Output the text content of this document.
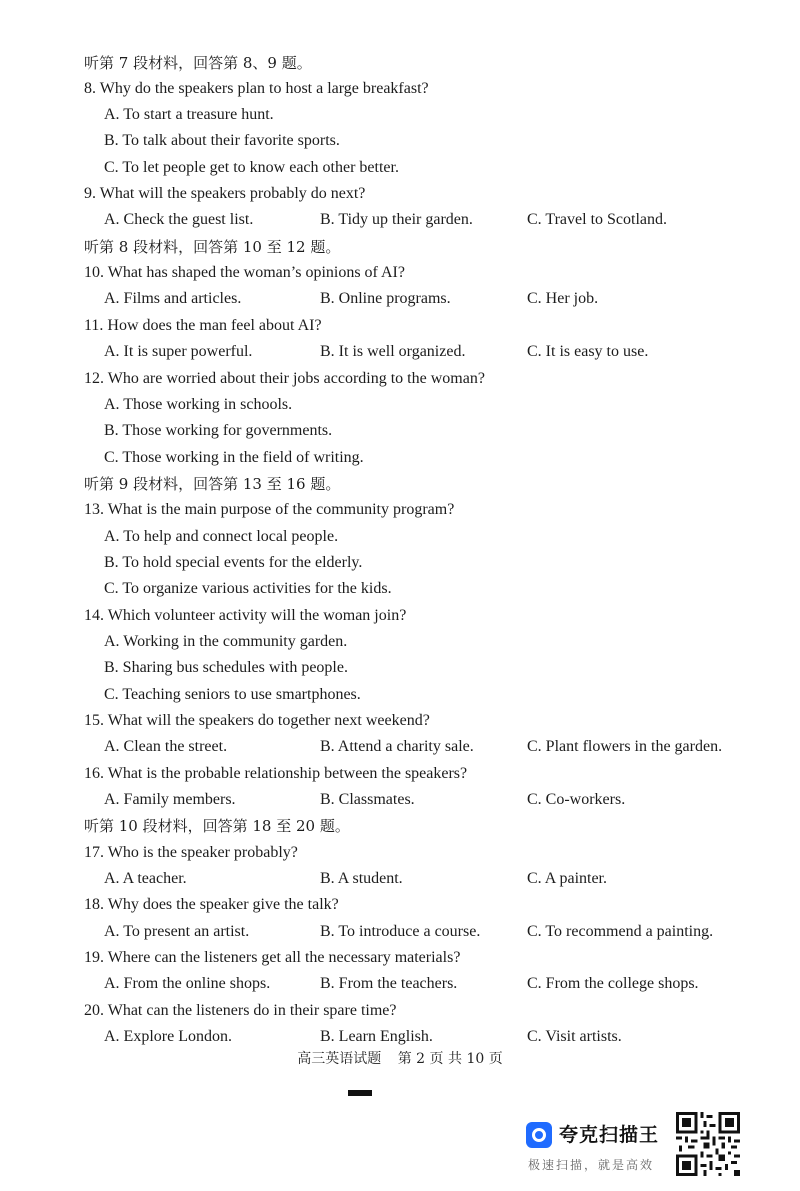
听第 7 段材料，回答第 8、9 题。
8. Why do the speakers plan to host a large breakfast?
A. To start a treasure hunt.
B. To talk about their favorite sports.
C. To let people get to know each other better.
9. What will the speakers probably do next?
A. Check the guest list.	B. Tidy up their garden.	C. Travel to Scotland.
听第 8 段材料，回答第 10 至 12 题。
10. What has shaped the woman’s opinions of AI?
A. Films and articles.	B. Online programs.	C. Her job.
11. How does the man feel about AI?
A. It is super powerful.	B. It is well organized.	C. It is easy to use.
12. Who are worried about their jobs according to the woman?
A. Those working in schools.
B. Those working for governments.
C. Those working in the field of writing.
听第 9 段材料，回答第 13 至 16 题。
13. What is the main purpose of the community program?
A. To help and connect local people.
B. To hold special events for the elderly.
C. To organize various activities for the kids.
14. Which volunteer activity will the woman join?
A. Working in the community garden.
B. Sharing bus schedules with people.
C. Teaching seniors to use smartphones.
15. What will the speakers do together next weekend?
A. Clean the street.	B. Attend a charity sale.	C. Plant flowers in the garden.
16. What is the probable relationship between the speakers?
A. Family members.	B. Classmates.	C. Co-workers.
听第 10 段材料，回答第 18 至 20 题。
17. Who is the speaker probably?
A. A teacher.	B. A student.	C. A painter.
18. Why does the speaker give the talk?
A. To present an artist.	B. To introduce a course.	C. To recommend a painting.
19. Where can the listeners get all the necessary materials?
A. From the online shops.	B. From the teachers.	C. From the college shops.
20. What can the listeners do in their spare time?
A. Explore London.	B. Learn English.	C. Visit artists.
高三英语试题 第 2 页 共 10 页
夸克扫描王
极速扫描，就是高效
